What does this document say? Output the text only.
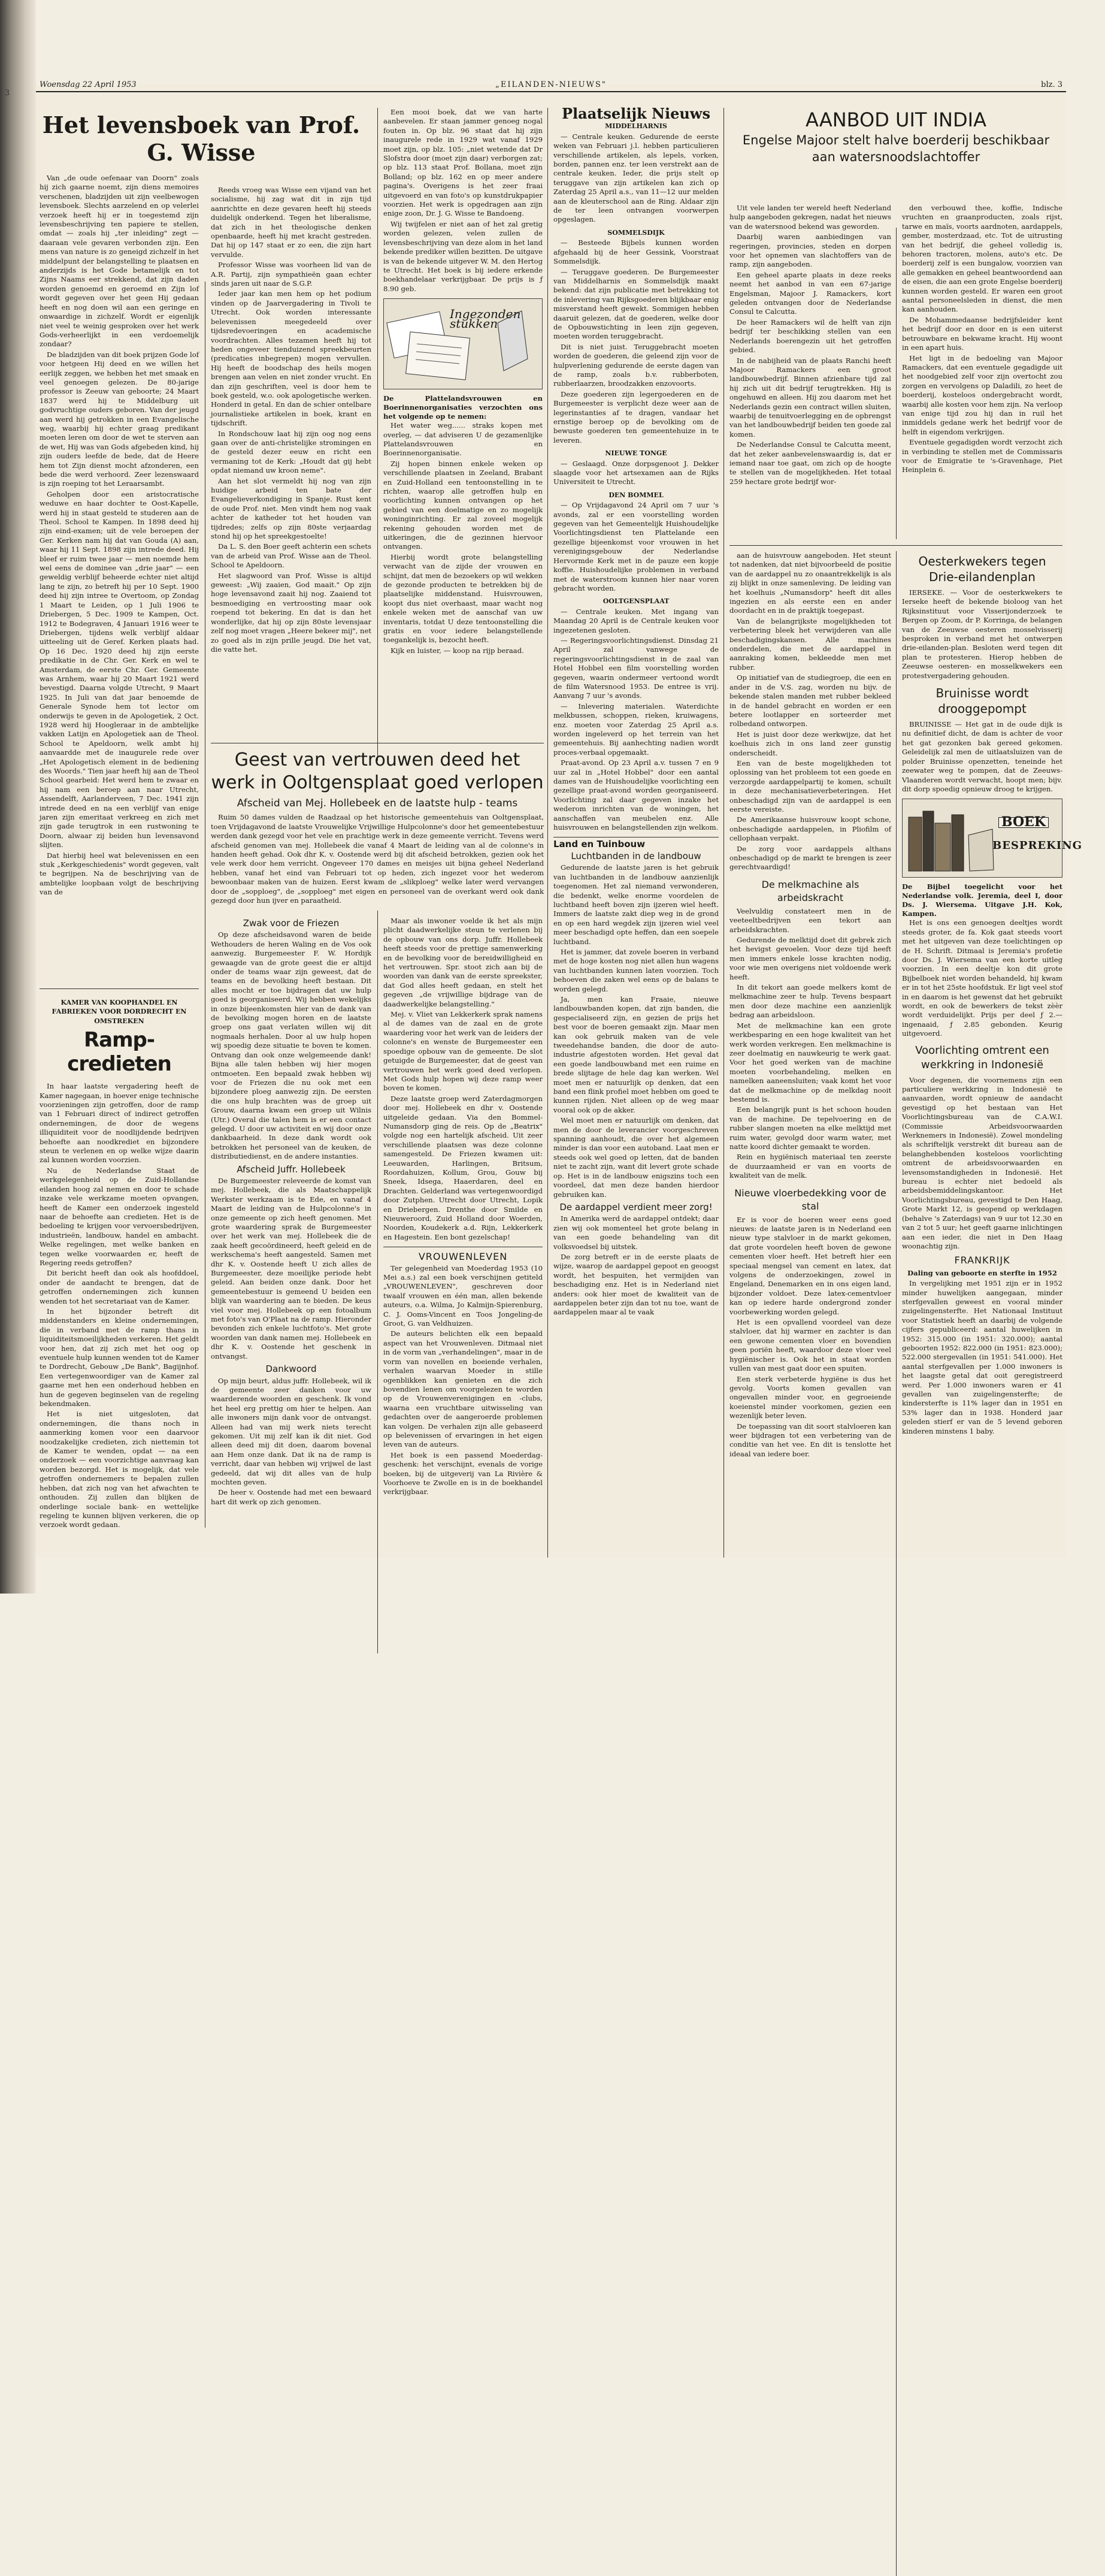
3
Woensdag 22 April 1953	„EILANDEN-NIEUWS"	blz. 3
Het levensboek van Prof. G. Wisse

Van „de oude oefenaar van Doorn" zoals hij zich gaarne noemt, zijn diens memoires verschenen, bladzijden uit zijn veelbewogen levensboek. Slechts aarzelend en op velerlei verzoek heeft hij er in toegestemd zijn levensbeschrijving ten papiere te stellen, omdat — zoals hij „ter inleiding" zegt — daaraan vele gevaren verbonden zijn. Een mens van nature is zo geneigd zichzelf in het middelpunt der belangstelling te plaatsen en anderzijds is het Gode betamelijk en tot Zijns Naams eer strekkend, dat zijn daden worden genoemd en geroemd en Zijn lof wordt gegeven over het geen Hij gedaan heeft en nog doen wil aan een geringe en onwaardige in zichzelf. Wordt er eigenlijk niet veel te weinig gesproken over het werk Gods-verheerlijkt in een verdoemelijk zondaar?

De bladzijden van dit boek prijzen Gode lof voor hetgeen Hij deed en we willen het eerlijk zeggen, we hebben het met smaak en veel genoegen gelezen. De 80-jarige professor is Zeeuw van geboorte; 24 Maart 1837 werd hij te Middelburg uit godvruchtige ouders geboren. Van der jeugd aan werd hij getrokken in een Evangelische weg, waarbij hij echter graag predikant moeten leren om door de wet te sterven aan de wet, Hij was van Gods afgebeden kind, hij zijn ouders leefde de bede, dat de Heere hem tot Zijn dienst mocht afzonderen, een bede die werd verhoord. Zeer lezenswaard is zijn roeping tot het Leraarsambt.

Geholpen door een aristocratische weduwe en haar dochter te Oost-Kapelle, werd hij in staat gesteld te studeren aan de Theol. School te Kampen. In 1898 deed hij zijn eind-examen; uit de vele beroepen der Ger. Kerken nam hij dat van Gouda (A) aan, waar hij 11 Sept. 1898 zijn intrede deed. Hij bleef er ruim twee jaar — men noemde hem wel eens de dominee van „drie jaar" — een geweldig verblijf beheerde echter niet altijd lang te zijn, zo betreft hij per 10 Sept. 1900 deed hij zijn intree te Overtoom, op Zondag 1 Maart te Leiden, op 1 Juli 1906 te Driebergen, 5 Dec. 1909 te Kampen, Oct. 1912 te Bodegraven, 4 Januari 1916 weer te Driebergen, tijdens welk verblijf aldaar uitteeling uit de Geref. Kerken plaats had. Op 16 Dec. 1920 deed hij zijn eerste predikatie in de Chr. Ger. Kerk en wel te Amsterdam, de eerste Chr. Ger. Gemeente was Arnhem, waar hij 20 Maart 1921 werd bevestigd. Daarna volgde Utrecht, 9 Maart 1925. In Juli van dat jaar benoemde de Generale Synode hem tot lector om onderwijs te geven in de Apologetiek, 2 Oct. 1928 werd hij Hoogleraar in de ambtelijke vakken Latijn en Apologetiek aan de Theol. School te Apeldoorn, welk ambt hij aanvaardde met de inaugurele rede over „Het Apologetisch element in de bediening des Woords." Tien jaar heeft hij aan de Theol School gearbeid: Het werd hem te zwaar en hij nam een beroep aan naar Utrecht, Assendelft, Aarlanderveen, 7 Dec. 1941 zijn intrede deed en na een verblijf van enige jaren zijn emeritaat verkreeg en zich met zijn gade terugtrok in een rustwoning te Doorn, alwaar zij beiden hun levensavond slijten.

Dat hierbij heel wat belevenissen en een stuk „Kerkgeschiedenis" wordt gegeven, valt te begrijpen. Na de beschrijving van de ambtelijke loopbaan volgt de beschrijving van de

KAMER VAN KOOPHANDEL EN FABRIEKEN VOOR DORDRECHT EN OMSTREKEN
Ramp-credieten

In haar laatste vergadering heeft de Kamer nagegaan, in hoever enige technische voorzieningen zijn getroffen, door de ramp van 1 Februari direct of indirect getroffen ondernemingen, de door de wegens illiquiditeit voor de noodlijdende bedrijven behoefte aan noodkrediet en bijzondere steun te verlenen en op welke wijze daarin zal kunnen worden voorzien.

Nu de Nederlandse Staat de werkgelegenheid op de Zuid-Hollandse eilanden hoog zal nemen en door te schade inzake vele werkzame moeten opvangen, heeft de Kamer een onderzoek ingesteld naar de behoefte aan credieten. Het is de bedoeling te krijgen voor vervoersbedrijven, industrieën, landbouw, handel en ambacht. Welke regelingen, met welke banken en tegen welke voorwaarden er, heeft de Regering reeds getroffen?

Dit bericht heeft dan ook als hoofddoel, onder de aandacht te brengen, dat de getroffen ondernemingen zich kunnen wenden tot het secretariaat van de Kamer.

In het bijzonder betreft dit middenstanders en kleine ondernemingen, die in verband met de ramp thans in liquiditeitsmoeilijkheden verkeren. Het geldt voor hen, dat zij zich met het oog op eventuele hulp kunnen wenden tot de Kamer te Dordrecht, Gebouw „De Bank", Bagijnhof. Een vertegenwoordiger van de Kamer zal gaarne met hen een onderhoud hebben en hun de gegeven beginselen van de regeling bekendmaken.

Het is niet uitgesloten, dat ondernemingen, die thans noch in aanmerking komen voor een daarvoor noodzakelijke credieten, zich niettemin tot de Kamer te wenden, opdat — na een onderzoek — een voorzichtige aanvraag kan worden bezorgd. Het is mogelijk, dat vele getroffen ondernemers te bepalen zullen hebben, dat zich nog van het afwachten te onthouden. Zij zullen dan blijken de onderlinge sociale bank- en wettelijke regeling te kunnen blijven verkeren, die op verzoek wordt gedaan.

Reeds vroeg was Wisse een vijand van het socialisme, hij zag wat dit in zijn tijd aanrichtte en deze gevaren heeft hij steeds duidelijk onderkend. Tegen het liberalisme, dat zich in het theologische denken openbaarde, heeft hij met kracht gestreden. Dat hij op 147 staat er zo een, die zijn hart vervulde.

Professor Wisse was voorheen lid van de A.R. Partij, zijn sympathieën gaan echter sinds jaren uit naar de S.G.P.

Ieder jaar kan men hem op het podium vinden op de Jaarvergadering in Tivoli te Utrecht. Ook worden interessante belevenissen meegedeeld over tijdsredevoeringen en academische voordrachten. Alles tezamen heeft hij tot heden ongeveer tienduizend spreekbeurten (predicaties inbegrepen) mogen vervullen. Hij heeft de boodschap des heils mogen brengen aan velen en niet zonder vrucht. En dan zijn geschriften, veel is door hem te boek gesteld, w.o. ook apologetische werken. Honderd in getal. En dan de schier ontelbare journalistieke artikelen in boek, krant en tijdschrift.

In Rondschouw laat hij zijn oog nog eens gaan over de anti-christelijke stromingen en de gesteld dezer eeuw en richt een vermaning tot de Kerk: „Houdt dat gij hebt opdat niemand uw kroon neme".

Aan het slot vermeldt hij nog van zijn huidige arbeid ten bate der Evangelieverkondiging in Spanje. Rust kent de oude Prof. niet. Men vindt hem nog vaak achter de katheder tot het houden van tijdredes; zelfs op zijn 80ste verjaardag stond hij op het spreekgestoelte!

Da L. S. den Boer geeft achterin een schets van de arbeid van Prof. Wisse aan de Theol. School te Apeldoorn.

Het slagwoord van Prof. Wisse is altijd geweest: „Wij zaaien, God maait." Op zijn hoge levensavond zaait hij nog. Zaaiend tot besmoediging en vertroosting maar ook roepend tot bekering. En dat is dan het wonderlijke, dat hij op zijn 80ste levensjaar zelf nog moet vragen „Heere bekeer mij", net zo goed als in zijn prille jeugd. Die het vat, die vatte het.

Een mooi boek, dat we van harte aanbevelen. Er staan jammer genoeg nogal fouten in. Op blz. 96 staat dat hij zijn inaugurele rede in 1929 wat vanaf 1929 moet zijn, op blz. 105: „niet wetende dat Dr Slofstra door (moet zijn daar) verborgen zat; op blz. 113 staat Prof. Bollana, moet zijn Bolland; op blz. 162 en op meer andere pagina's. Overigens is het zeer fraai uitgevoerd en van foto's op kunstdrukpapier voorzien. Het werk is opgedragen aan zijn enige zoon, Dr. J. G. Wisse te Bandoeng.

Wij twijfelen er niet aan of het zal gretig worden gelezen, velen zullen de levensbeschrijving van deze alom in het land bekende prediker willen bezitten. De uitgave is van de bekende uitgever W. M. den Hertog te Utrecht. Het boek is bij iedere erkende boekhandelaar verkrijgbaar. De prijs is ƒ 8.90 geb.

Ingezonden stukken
De Plattelandsvrouwen en Boerinnenorganisaties verzochten ons het volgende op te nemen:

Het water weg...... straks kopen met overleg, — dat adviseren U de gezamenlijke Plattelandsvrouwen en Boerinnenorganisatie.

Zij hopen binnen enkele weken op verschillende plaatsen in Zeeland, Brabant en Zuid-Holland een tentoonstelling in te richten, waarop alle getroffen hulp en voorlichting kunnen ontvangen op het gebied van een doelmatige en zo mogelijk woninginrichting. Er zal zoveel mogelijk rekening gehouden worden met de uitkeringen, die de gezinnen hiervoor ontvangen.

Hierbij wordt grote belangstelling verwacht van de zijde der vrouwen en schijnt, dat men de bezoekers op wil wekken de gezonde producten te betrekken bij de plaatselijke middenstand. Huisvrouwen, koopt dus niet overhaast, maar wacht nog enkele weken met de aanschaf van uw inventaris, totdat U deze tentoonstelling die gratis en voor iedere belangstellende toegankelijk is, bezocht heeft.

Kijk en luister, — koop na rijp beraad.

Geest van vertrouwen deed het werk in Ooltgensplaat goed verlopen
Afscheid van Mej. Hollebeek en de laatste hulp - teams

Ruim 50 dames vulden de Raadzaal op het historische gemeentehuis van Ooltgensplaat, toen Vrijdagavond de laatste Vrouwelijke Vrijwillige Hulpcolonne's door het gemeentebestuur werden dank gezegd voor het vele en prachtige werk in deze gemeente verricht. Tevens werd afscheid genomen van mej. Hollebeek die vanaf 4 Maart de leiding van al de colonne's in handen heeft gehad. Ook dhr K. v. Oostende werd bij dit afscheid betrokken, gezien ook het vele werk door hem verricht. Ongeveer 170 dames en meisjes uit bijna geheel Nederland hebben, vanaf het eind van Februari tot op heden, zich ingezet voor het wederom bewoonbaar maken van de huizen. Eerst kwam de „slikploeg" welke later werd vervangen door de „sopploeg", de „sopploeg" met eigen en personeel van de overkant werd ook dank gezegd door hun ijver en paraatheid.

Zwak voor de Friezen

Op deze afscheidsavond waren de beide Wethouders de heren Waling en de Vos ook aanwezig. Burgemeester F. W. Hordijk gewaagde van de grote geest die er altijd onder de teams waar zijn geweest, dat de teams en de bevolking heeft bestaan. Dit alles mocht er toe bijdragen dat uw hulp goed is georganiseerd. Wij hebben wekelijks in onze bijeenkomsten hier van de dank van de bevolking mogen horen en de laatste groep ons gaat verlaten willen wij dit nogmaals herhalen. Door al uw hulp hopen wij spoedig deze situatie te boven te komen. Ontvang dan ook onze welgemeende dank! Bijna alle talen hebben wij hier mogen ontmoeten. Een bepaald zwak hebben wij voor de Friezen die nu ook met een bijzondere ploeg aanwezig zijn. De eersten die ons hulp brachten was de groep uit Grouw, daarna kwam een groep uit Wilnis (Utr.) Overal die talen hem is er een contact gelegd. U door uw activiteit en wij door onze dankbaarheid. In deze dank wordt ook betrokken het personeel van de keuken, de distributiedienst, en de andere instanties.

Afscheid Juffr. Hollebeek

De Burgemeester releveerde de komst van mej. Hollebeek, die als Maatschappelijk Werkster werkzaam is te Ede, en vanaf 4 Maart de leiding van de Hulpcolonne's in onze gemeente op zich heeft genomen. Met grote waardering sprak de Burgemeester over het werk van mej. Hollebeek die de zaak heeft gecoördineerd, heeft geleid en de werkschema's heeft aangesteld. Samen met dhr K. v. Oostende heeft U zich alles de Burgemeester, deze moeilijke periode hebt geleid. Aan beiden onze dank. Door het gemeentebestuur is gemeend U beiden een blijk van waardering aan te bieden. De keus viel voor mej. Hollebeek op een fotoalbum met foto's van O'Plaat na de ramp. Hieronder bevonden zich enkele luchtfoto's. Met grote woorden van dank namen mej. Hollebeek en dhr K. v. Oostende het geschenk in ontvangst.

Dankwoord

Op mijn beurt, aldus juffr. Hollebeek, wil ik de gemeente zeer danken voor uw waarderende woorden en geschenk. Ik vond het heel erg prettig om hier te helpen. Aan alle inwoners mijn dank voor de ontvangst. Alleen had van mij werk niets terecht gekomen. Uit mij zelf kan ik dit niet. God alleen deed mij dit doen, daarom bovenal aan Hem onze dank. Dat ik na de ramp is verricht, daar van hebben wij vrijwel de last gedeeld, dat wij dit alles van de hulp mochten geven.

De heer v. Oostende had met een bewaard hart dit werk op zich genomen.

Maar als inwoner voelde ik het als mijn plicht daadwerkelijke steun te verlenen bij de opbouw van ons dorp. Juffr. Hollebeek heeft steeds voor de prettige samenwerking en de bevolking voor de bereidwilligheid en het vertrouwen. Spr. stoot zich aan bij de woorden van dank van de eerste spreekster, dat God alles heeft gedaan, en stelt het gegeven „de vrijwillige bijdrage van de daadwerkelijke belangstelling."

Mej. v. Vliet van Lekkerkerk sprak namens al de dames van de zaal en de grote waardering voor het werk van de leiders der colonne's en wenste de Burgemeester een spoedige opbouw van de gemeente. De slot getuigde de Burgemeester, dat de geest van vertrouwen het werk goed deed verlopen. Met Gods hulp hopen wij deze ramp weer boven te komen.

Deze laatste groep werd Zaterdagmorgen door mej. Hollebeek en dhr v. Oostende uitgeleide gedaan. Via den Bommel-Numansdorp ging de reis. Op de „Beatrix" volgde nog een hartelijk afscheid. Uit zeer verschillende plaatsen was deze colonne samengesteld. De Friezen kwamen uit: Leeuwarden, Harlingen, Britsum, Roordahuizen, Kollum, Grou, Gouw bij Sneek, Idsega, Haaerdaren, deel en Drachten. Gelderland was vertegenwoordigd door Zutphen. Utrecht door Utrecht, Lopik en Driebergen. Drenthe door Smilde en Nieuweroord, Zuid Holland door Woerden, Noorden, Koudekerk a.d. Rijn, Lekkerkerk en Hagestein. Een bont gezelschap!

VROUWENLEVEN

Ter gelegenheid van Moederdag 1953 (10 Mei a.s.) zal een boek verschijnen getiteld „VROUWENLEVEN", geschreven door twaalf vrouwen en één man, allen bekende auteurs, o.a. Wilma, Jo Kalmijn-Spierenburg, C. J. Ooms-Vincent en Toos Jongeling-de Groot, G. van Veldhuizen.

De auteurs belichten elk een bepaald aspect van het Vrouwenleven. Ditmaal niet in de vorm van „verhandelingen", maar in de vorm van novellen en boeiende verhalen, verhalen waarvan Moeder in stille ogenblikken kan genieten en die zich bovendien lenen om voorgelezen te worden op de Vrouwenverenigingen en -clubs, waarna een vruchtbare uitwisseling van gedachten over de aangeroerde problemen kan volgen. De verhalen zijn alle gebaseerd op belevenissen of ervaringen in het eigen leven van de auteurs.

Het boek is een passend Moederdag-geschenk: het verschijnt, evenals de vorige boeken, bij de uitgeverij van La Rivière & Voorhoeve te Zwolle en is in de boekhandel verkrijgbaar.

Plaatselijk Nieuws
MIDDELHARNIS

— Centrale keuken. Gedurende de eerste weken van Februari j.l. hebben particulieren verschillende artikelen, als lepels, vorken, borden, pannen enz. ter leen verstrekt aan de centrale keuken. Ieder, die prijs stelt op teruggave van zijn artikelen kan zich op Zaterdag 25 April a.s., van 11—12 uur melden aan de kleuterschool aan de Ring. Aldaar zijn de ter leen ontvangen voorwerpen opgeslagen.

SOMMELSDIJK

— Besteede Bijbels kunnen worden afgehaald bij de heer Gessink, Voorstraat Sommelsdijk.

— Teruggave goederen. De Burgemeester van Middelharnis en Sommelsdijk maakt bekend: dat zijn publicatie met betrekking tot de inlevering van Rijksgoederen blijkbaar enig misverstand heeft gewekt. Sommigen hebben daaruit gelezen, dat de goederen, welke door de Opbouwstichting in leen zijn gegeven, moeten worden teruggebracht.

Dit is niet juist. Teruggebracht moeten worden de goederen, die geleend zijn voor de hulpverlening gedurende de eerste dagen van de ramp, zoals b.v. rubberboten, rubberlaarzen, broodzakken enzovoorts.

Deze goederen zijn legergoederen en de Burgemeester is verplicht deze weer aan de legerinstanties af te dragen, vandaar het ernstige beroep op de bevolking om de bewuste goederen ten gemeentehuize in te leveren.

NIEUWE TONGE

— Geslaagd. Onze dorpsgenoot J. Dekker slaagde voor het artsexamen aan de Rijks Universiteit te Utrecht.

DEN BOMMEL

— Op Vrijdagavond 24 April om 7 uur 's avonds, zal er een voorstelling worden gegeven van het Gemeentelijk Huishoudelijke Voorlichtingsdienst ten Plattelande een gezellige bijeenkomst voor vrouwen in het verenigingsgebouw der Nederlandse Hervormde Kerk met in de pauze een kopje koffie. Huishoudelijke problemen in verband met de waterstroom kunnen hier naar voren gebracht worden.

OOLTGENSPLAAT

— Centrale keuken. Met ingang van Maandag 20 April is de Centrale keuken voor ingezetenen gesloten.

— Regeringsvoorlichtingsdienst. Dinsdag 21 April zal vanwege de regeringsvoorlichtingsdienst in de zaal van Hotel Hobbel een film voorstelling worden gegeven, waarin ondermeer vertoond wordt de film Watersnood 1953. De entree is vrij. Aanvang 7 uur 's avonds.

— Inlevering materialen. Waterdichte melkbussen, schoppen, rieken, kruiwagens, enz. moeten voor Zaterdag 25 April a.s. worden ingeleverd op het terrein van het gemeentehuis. Bij aanhechting nadien wordt proces-verbaal opgemaakt.

Praat-avond. Op 23 April a.v. tussen 7 en 9 uur zal in „Hotel Hobbel" door een aantal dames van de Huishoudelijke voorlichting een gezellige praat-avond worden georganiseerd. Voorlichting zal daar gegeven inzake het wederom inrichten van de woningen, het aanschaffen van meubelen enz. Alle huisvrouwen en belangstellenden zijn welkom.

Land en Tuinbouw
Luchtbanden in de landbouw

Gedurende de laatste jaren is het gebruik van luchtbanden in de landbouw aanzienlijk toegenomen. Het zal niemand verwonderen, die bedenkt, welke enorme voordelen de luchtband heeft boven zijn ijzeren wiel heeft. Immers de laatste zakt diep weg in de grond en op een hard wegdek zijn ijzeren wiel veel meer beschadigd opte heffen, dan een soepele luchtband.

Het is jammer, dat zovele boeren in verband met de hoge kosten nog niet allen hun wagens van luchtbanden kunnen laten voorzien. Toch behoeven die zaken wel eens op de balans te worden gelegd.

Ja, men kan Fraaie, nieuwe landbouwbanden kopen, dat zijn banden, die gespecialiseerd zijn, en gezien de prijs het best voor de boeren gemaakt zijn. Maar men kan ook gebruik maken van de vele tweedehandse banden, die door de auto-industrie afgestoten worden. Het geval dat een goede landbouwband met een ruime en brede slijtage de hele dag kan werken. Wel moet men er natuurlijk op denken, dat een band een flink profiel moet hebben om goed te kunnen rijden. Niet alleen op de weg maar vooral ook op de akker.

Wel moet men er natuurlijk om denken, dat men de door de leverancier voorgeschreven spanning aanhoudt, die over het algemeen minder is dan voor een autoband. Laat men er steeds ook wel goed op letten, dat de banden niet te zacht zijn, want dit levert grote schade op. Het is in de landbouw enigszins toch een voordeel, dat men deze banden hierdoor gebruiken kan.

De aardappel verdient meer zorg!

In Amerika werd de aardappel ontdekt; daar zien wij ook momenteel het grote belang in van een goede behandeling van dit volksvoedsel bij uitstek.

De zorg betreft er in de eerste plaats de wijze, waarop de aardappel gepoot en geoogst wordt, het bespuiten, het vermijden van beschadiging enz. Het is in Nederland niet anders: ook hier moet de kwaliteit van de aardappelen beter zijn dan tot nu toe, want de aardappelen maar al te vaak

AANBOD UIT INDIA
Engelse Majoor stelt halve boerderij beschikbaar
aan watersnoodslachtoffer

Uit vele landen ter wereld heeft Nederland hulp aangeboden gekregen, nadat het nieuws van de watersnood bekend was geworden.

Daarbij waren aanbiedingen van regeringen, provincies, steden en dorpen voor het opnemen van slachtoffers van de ramp, zijn aangeboden.

Een geheel aparte plaats in deze reeks neemt het aanbod in van een 67-jarige Engelsman, Majoor J. Ramackers, kort geleden ontvangen door de Nederlandse Consul te Calcutta.

De heer Ramackers wil de helft van zijn bedrijf ter beschikking stellen van een Nederlands boerengezin uit het getroffen gebied.

In de nabijheid van de plaats Ranchi heeft Majoor Ramackers een groot landbouwbedrijf. Binnen afzienbare tijd zal hij zich uit dit bedrijf terugtrekken. Hij is ongehuwd en alleen. Hij zou daarom met het Nederlands gezin een contract willen sluiten, waarbij de tenuitvoerlegging en de opbrengst van het landbouwbedrijf beiden ten goede zal komen.

De Nederlandse Consul te Calcutta meent, dat het zeker aanbevelenswaardig is, dat er iemand naar toe gaat, om zich op de hoogte te stellen van de mogelijkheden. Het totaal 259 hectare grote bedrijf wor-

den verbouwd thee, koffie, Indische vruchten en graanproducten, zoals rijst, tarwe en maïs, voorts aardnoten, aardappels, gember, mosterdzaad, etc. Tot de uitrusting van het bedrijf, die geheel volledig is, behoren tractoren, molens, auto's etc. De boerderij zelf is een bungalow, voorzien van alle gemakken en geheel beantwoordend aan de eisen, die aan een grote Engelse boerderij kunnen worden gesteld. Er waren een groot aantal personeelsleden in dienst, die men kan aanhouden.

De Mohammedaanse bedrijfsleider kent het bedrijf door en door en is een uiterst betrouwbare en bekwame kracht. Hij woont in een apart huis.

Het ligt in de bedoeling van Majoor Ramackers, dat een eventuele gegadigde uit het noodgebied zelf voor zijn overtocht zou zorgen en vervolgens op Daladili, zo heet de boerderij, kosteloos ondergebracht wordt, waarbij alle kosten voor hem zijn. Na verloop van enige tijd zou hij dan in ruil het inmiddels gedane werk het bedrijf voor de helft in eigendom verkrijgen.

Eventuele gegadigden wordt verzocht zich in verbinding te stellen met de Commissaris voor de Emigratie te 's-Gravenhage, Piet Heinplein 6.

aan de huisvrouw aangeboden. Het steunt tot nadenken, dat niet bijvoorbeeld de positie van de aardappel nu zo onaantrekkelijk is als zij blijkt in onze samenleving. De leiding van het koelhuis „Numansdorp" heeft dit alles ingezien en als eerste een en ander doordacht en in de praktijk toegepast.

Van de belangrijkste mogelijkheden tot verbetering bleek het verwijderen van alle beschadigingskansen. Alle machines onderdelen, die met de aardappel in aanraking komen, bekleedde men met rubber.

Op initiatief van de studiegroep, die een en ander in de V.S. zag, worden nu bijv. de bekende stalen manden met rubber bekleed in de handel gebracht en worden er een betere lootlapper en sorteerder met rolbedand ontworpen.

Het is juist door deze werkwijze, dat het koelhuis zich in ons land zeer gunstig onderscheidt.

Een van de beste mogelijkheden tot oplossing van het probleem tot een goede en verzorgde aardappelpartij te komen, schuilt in deze mechanisatieverbeteringen. Het onbeschadigd zijn van de aardappel is een eerste vereiste.

De Amerikaanse huisvrouw koopt schone, onbeschadigde aardappelen, in Pliofilm of cellophaan verpakt.

De zorg voor aardappels althans onbeschadigd op de markt te brengen is zeer gerechtvaardigd!

De melkmachine als arbeidskracht

Veelvuldig constateert men in de veeteeltbedrijven een tekort aan arbeidskrachten.

Gedurende de melktijd doet dit gebrek zich het hevigst gevoelen. Voor deze tijd heeft men immers enkele losse krachten nodig, voor wie men overigens niet voldoende werk heeft.

In dit tekort aan goede melkers komt de melkmachine zeer te hulp. Tevens bespaart men door deze machine een aanzienlijk bedrag aan arbeidsloon.

Met de melkmachine kan een grote werkbesparing en een hoge kwaliteit van het werk worden verkregen. Een melkmachine is zeer doelmatig en nauwkeurig te werk gaat. Voor het goed werken van de machine moeten voorbehandeling, melken en namelken aaneensluiten; vaak komt het voor dat de melkmachine op de melkdag nooit bestemd is.

Een belangrijk punt is het schoon houden van de machine. De tepelvoering en de rubber slangen moeten na elke melktijd met ruim water, gevolgd door warm water, met natte koord dichter gemaakt te worden.

Rein en hygiënisch materiaal ten zeerste de duurzaamheid er van en voorts de kwaliteit van de melk.

Nieuwe vloerbedekking voor de stal

Er is voor de boeren weer eens goed nieuws: de laatste jaren is in Nederland een nieuw type stalvloer in de markt gekomen, dat grote voordelen heeft boven de gewone cementen vloer heeft. Het betreft hier een speciaal mengsel van cement en latex, dat volgens de onderzoekingen, zowel in Engeland, Denemarken en in ons eigen land, bijzonder voldoet. Deze latex-cementvloer kan op iedere harde ondergrond zonder voorbewerking worden gelegd.

Het is een opvallend voordeel van deze stalvloer, dat hij warmer en zachter is dan een gewone cementen vloer en bovendien geen poriën heeft, waardoor deze vloer veel hygiënischer is. Ook het in staat worden vullen van mest gaat door een spuiten.

Een sterk verbeterde hygiëne is dus het gevolg. Voorts komen gevallen van ongevallen minder voor, en gegroeiende koeienstel minder voorkomen, gezien een wezenlijk beter leven.

De toepassing van dit soort stalvloeren kan weer bijdragen tot een verbetering van de conditie van het vee. En dit is tenslotte het ideaal van iedere boer.

Oesterkwekers tegen Drie-eilandenplan

IERSEKE. — Voor de oesterkwekers te Ierseke heeft de bekende bioloog van het Rijksinstituut voor Visserijonderzoek te Bergen op Zoom, dr P. Korringa, de belangen van de Zeeuwse oesteren mosselvisserij besproken in verband met het ontwerpen drie-eilanden-plan. Besloten werd tegen dit plan te protesteren. Hierop hebben de Zeeuwse oesteren- en mosselkwekers een protestvergadering gehouden.

Bruinisse wordt drooggepompt

BRUINISSE — Het gat in de oude dijk is nu definitief dicht, de dam is achter de voor het gat gezonken bak gereed gekomen. Geleidelijk zal men de uitlaatsluizen van de polder Bruinisse openzetten, teneinde het zeewater weg te pompen, dat de Zeeuws-Vlaanderen wordt verwacht, hoopt men; bijv. dit dorp spoedig opnieuw droog te krijgen.

BOEK
BESPREKING
De Bijbel toegelicht voor het Nederlandse volk. Jeremia, deel I, door Ds. J. Wiersema. Uitgave J.H. Kok, Kampen.

Het is ons een genoegen deeltjes wordt steeds groter, de fa. Kok gaat steeds voort met het uitgeven van deze toelichtingen op de H. Schrift. Ditmaal is Jeremia's profetie door Ds. J. Wiersema van een korte uitleg voorzien. In een deeltje kon dit grote Bijbelboek niet worden behandeld, hij kwam er in tot het 25ste hoofdstuk. Er ligt veel stof in en daarom is het gewenst dat het gebruikt wordt, en ook de bewerkers de tekst zèèr wordt verduidelijkt. Prijs per deel ƒ 2.— ingenaaid, ƒ 2.85 gebonden. Keurig uitgevoerd.

Voorlichting omtrent een werkkring in Indonesië

Voor degenen, die voornemens zijn een particuliere werkkring in Indonesië te aanvaarden, wordt opnieuw de aandacht gevestigd op het bestaan van Het Voorlichtingsbureau van de C.A.W.I. (Commissie Arbeidsvoorwaarden Werknemers in Indonesië). Zowel mondeling als schriftelijk verstrekt dit bureau aan de belanghebbenden kosteloos voorlichting omtrent de arbeidsvoorwaarden en levensomstandigheden in Indonesië. Het bureau is echter niet bedoeld als arbeidsbemiddelingskantoor. Het Voorlichtingsbureau, gevestigd te Den Haag, Grote Markt 12, is geopend op werkdagen (behalve 's Zaterdags) van 9 uur tot 12.30 en van 2 tot 5 uur; het geeft gaarne inlichtingen aan een ieder, die niet in Den Haag woonachtig zijn.

FRANKRIJK
Daling van geboorte en sterfte in 1952

In vergelijking met 1951 zijn er in 1952 minder huwelijken aangegaan, minder sterfgevallen geweest en vooral minder zuigelingensterfte. Het Nationaal Instituut voor Statistiek heeft an daarbij de volgende cijfers gepubliceerd: aantal huwelijken in 1952: 315.000 (in 1951: 320.000); aantal geboorten 1952: 822.000 (in 1951: 823.000); 522.000 stergevallen (in 1951: 541.000). Het aantal sterfgevallen per 1.000 inwoners is het laagste getal dat ooit geregistreerd werd. Per 1.000 inwoners waren er 41 gevallen van zuigelingensterfte; de kindersterfte is 11% lager dan in 1951 en 53% lager dan in 1938. Honderd jaar geleden stierf er van de 5 levend geboren kinderen minstens 1 baby.
